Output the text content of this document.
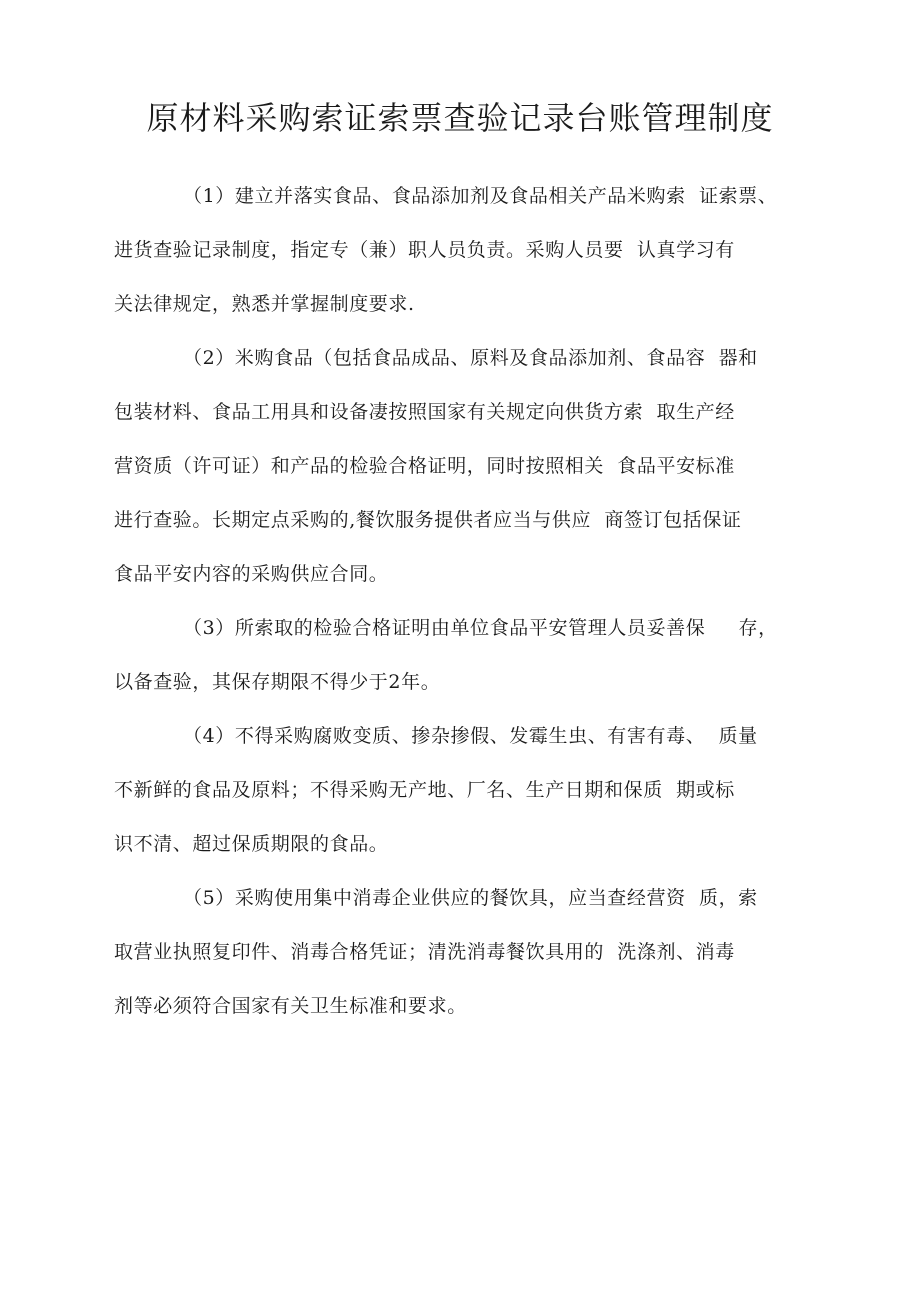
原材料采购索证索票查验记录台账管理制度
（1）建立并落实食品、食品添加剂及食品相关产品米购索  证索票、
进货查验记录制度，指定专（兼）职人员负责。采购人员要  认真学习有
关法律规定，熟悉并掌握制度要求.
（2）米购食品（包括食品成品、原料及食品添加剂、食品容  器和
包装材料、食品工用具和设备凄按照国家有关规定向供货方索  取生产经
营资质（许可证）和产品的检验合格证明，同时按照相关  食品平安标准
进行查验。长期定点采购的,餐饮服务提供者应当与供应  商签订包括保证
食品平安内容的采购供应合同。
（3）所索取的检验合格证明由单位食品平安管理人员妥善保     存，
以备查验，其保存期限不得少于2年。
（4）不得采购腐败变质、掺杂掺假、发霉生虫、有害有毒、  质量
不新鲜的食品及原料；不得采购无产地、厂名、生产日期和保质  期或标
识不清、超过保质期限的食品。
（5）采购使用集中消毒企业供应的餐饮具，应当查经营资  质，索
取营业执照复印件、消毒合格凭证；清洗消毒餐饮具用的  洗涤剂、消毒
剂等必须符合国家有关卫生标准和要求。
